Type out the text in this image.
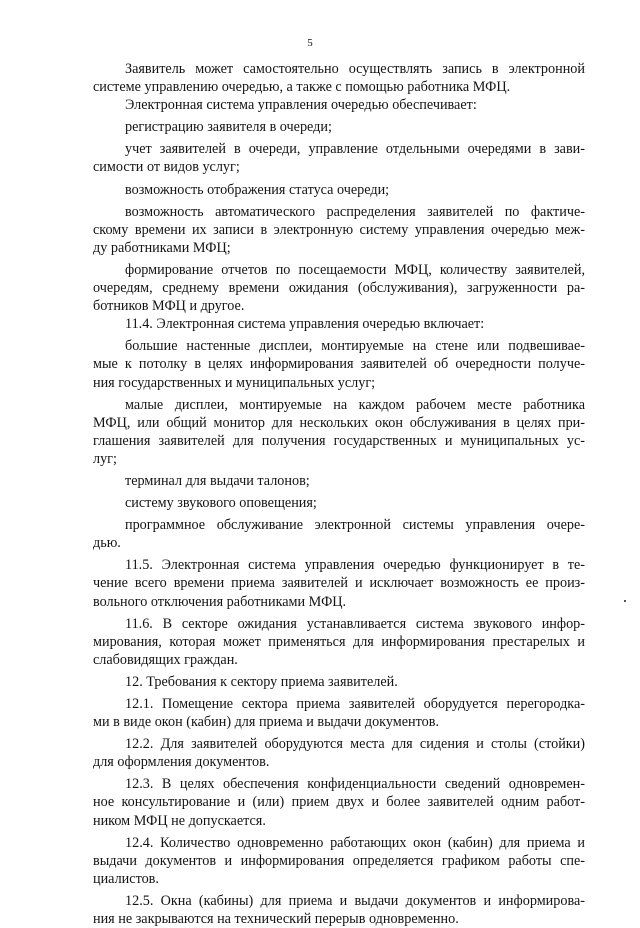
5
Заявитель может самостоятельно осуществлять запись в электронной
системе управлению очередью, а также с помощью работника МФЦ.
Электронная система управления очередью обеспечивает:
регистрацию заявителя в очереди;
учет заявителей в очереди, управление отдельными очередями в зави-
симости от видов услуг;
возможность отображения статуса очереди;
возможность автоматического распределения заявителей по фактиче-
скому времени их записи в электронную систему управления очередью меж-
ду работниками МФЦ;
формирование отчетов по посещаемости МФЦ, количеству заявителей,
очередям, среднему времени ожидания (обслуживания), загруженности ра-
ботников МФЦ и другое.
11.4. Электронная система управления очередью включает:
большие настенные дисплеи, монтируемые на стене или подвешивае-
мые к потолку в целях информирования заявителей об очередности получе-
ния государственных и муниципальных услуг;
малые дисплеи, монтируемые на каждом рабочем месте работника
МФЦ, или общий монитор для нескольких окон обслуживания в целях при-
глашения заявителей для получения государственных и муниципальных ус-
луг;
терминал для выдачи талонов;
систему звукового оповещения;
программное обслуживание электронной системы управления очере-
дью.
11.5. Электронная система управления очередью функционирует в те-
чение всего времени приема заявителей и исключает возможность ее произ-
вольного отключения работниками МФЦ.
11.6. В секторе ожидания устанавливается система звукового инфор-
мирования, которая может применяться для информирования престарелых и
слабовидящих граждан.
12. Требования к сектору приема заявителей.
12.1. Помещение сектора приема заявителей оборудуется перегородка-
ми в виде окон (кабин) для приема и выдачи документов.
12.2. Для заявителей оборудуются места для сидения и столы (стойки)
для оформления документов.
12.3. В целях обеспечения конфиденциальности сведений одновремен-
ное консультирование и (или) прием двух и более заявителей одним работ-
ником МФЦ не допускается.
12.4. Количество одновременно работающих окон (кабин) для приема и
выдачи документов и информирования определяется графиком работы спе-
циалистов.
12.5. Окна (кабины) для приема и выдачи документов и информирова-
ния не закрываются на технический перерыв одновременно.
